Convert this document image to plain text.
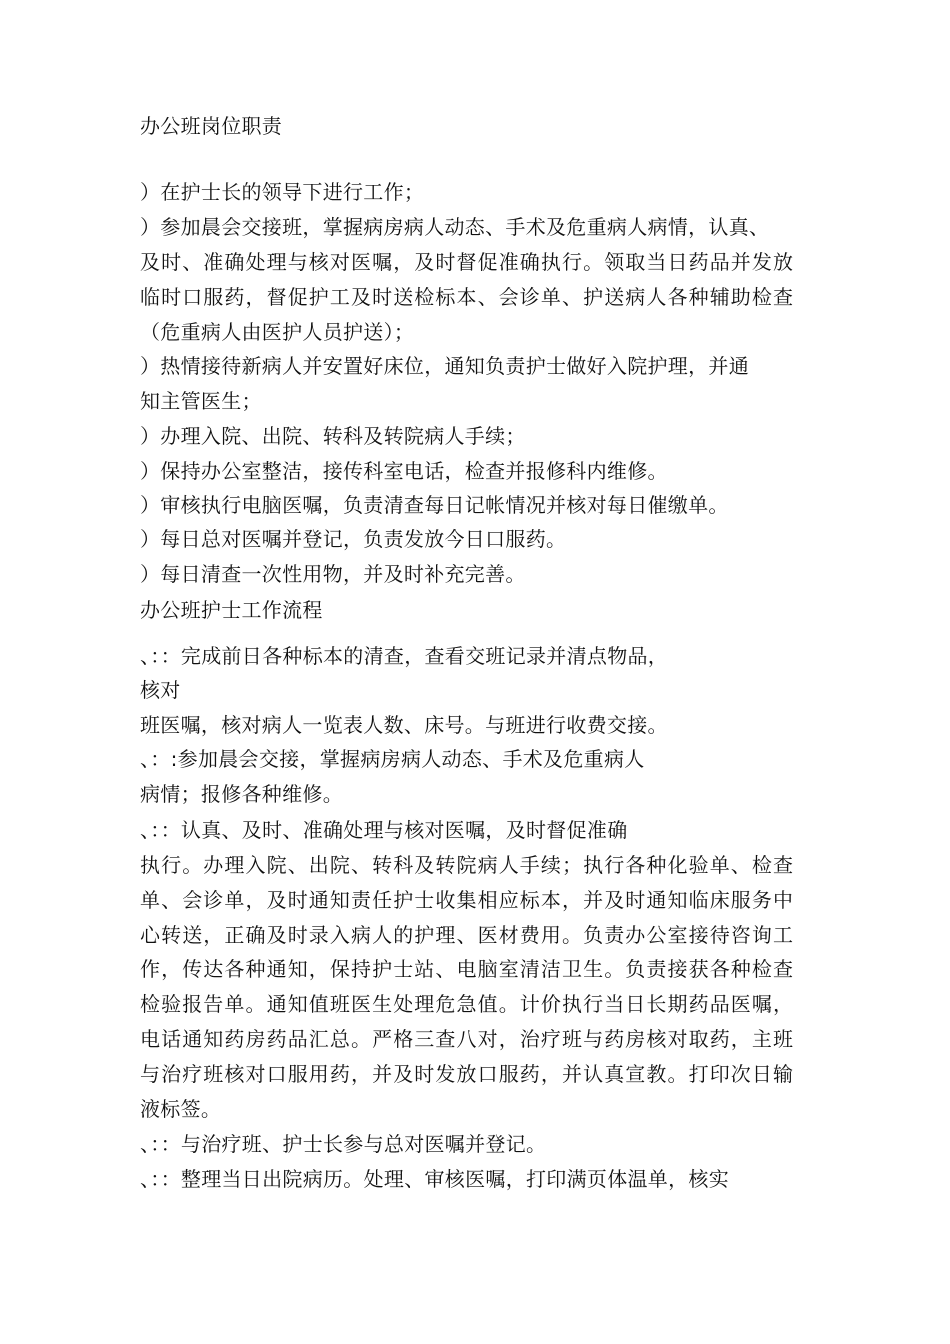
办公班岗位职责
）在护士长的领导下进行工作；
）参加晨会交接班，掌握病房病人动态、手术及危重病人病情，认真、
及时、准确处理与核对医嘱，及时督促准确执行。领取当日药品并发放
临时口服药，督促护工及时送检标本、会诊单、护送病人各种辅助检查
（危重病人由医护人员护送）；
）热情接待新病人并安置好床位，通知负责护士做好入院护理，并通
知主管医生；
）办理入院、出院、转科及转院病人手续；
）保持办公室整洁，接传科室电话，检查并报修科内维修。
）审核执行电脑医嘱，负责清查每日记帐情况并核对每日催缴单。
）每日总对医嘱并登记，负责发放今日口服药。
）每日清查一次性用物，并及时补充完善。
办公班护士工作流程
、：：完成前日各种标本的清查，查看交班记录并清点物品，
核对
班医嘱，核对病人一览表人数、床号。与班进行收费交接。
、：:参加晨会交接，掌握病房病人动态、手术及危重病人
病情；报修各种维修。
、：：认真、及时、准确处理与核对医嘱，及时督促准确
执行。办理入院、出院、转科及转院病人手续；执行各种化验单、检查
单、会诊单，及时通知责任护士收集相应标本，并及时通知临床服务中
心转送，正确及时录入病人的护理、医材费用。负责办公室接待咨询工
作，传达各种通知，保持护士站、电脑室清洁卫生。负责接获各种检查
检验报告单。通知值班医生处理危急值。计价执行当日长期药品医嘱，
电话通知药房药品汇总。严格三查八对，治疗班与药房核对取药，主班
与治疗班核对口服用药，并及时发放口服药，并认真宣教。打印次日输
液标签。
、：：与治疗班、护士长参与总对医嘱并登记。
、：：整理当日出院病历。处理、审核医嘱，打印满页体温单，核实
